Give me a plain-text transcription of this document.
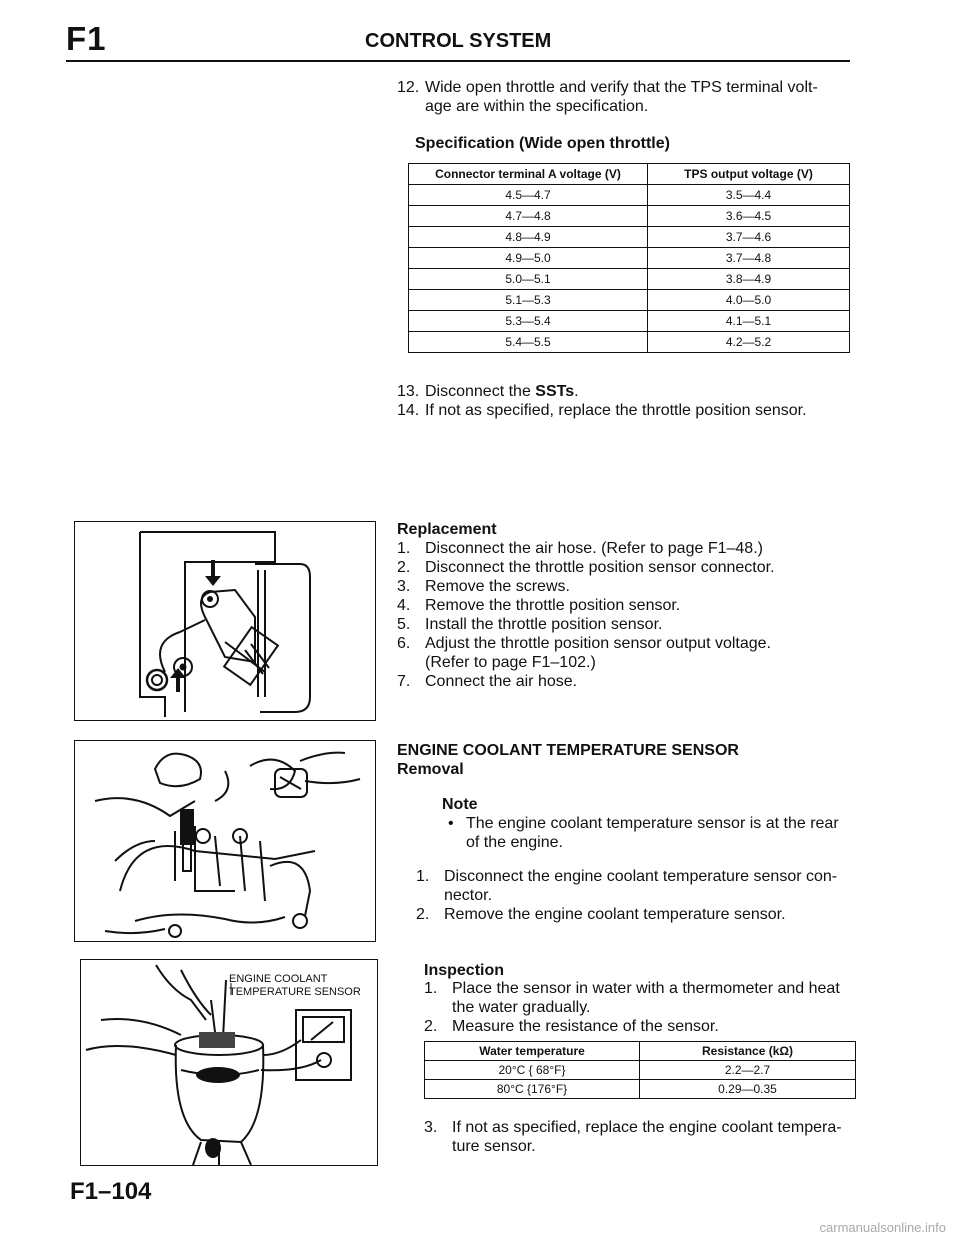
F1	CONTROL SYSTEM
12. Wide open throttle and verify that the TPS terminal volt-
age are within the specification.
Specification (Wide open throttle)
Connector terminal A voltage (V)	TPS output voltage (V)
4.5—4.7	3.5—4.4
4.7—4.8	3.6—4.5
4.8—4.9	3.7—4.6
4.9—5.0	3.7—4.8
5.0—5.1	3.8—4.9
5.1—5.3	4.0—5.0
5.3—5.4	4.1—5.1
5.4—5.5	4.2—5.2
13. Disconnect the SSTs.
14. If not as specified, replace the throttle position sensor.
Replacement
1. Disconnect the air hose. (Refer to page F1–48.)
2. Disconnect the throttle position sensor connector.
3. Remove the screws.
4. Remove the throttle position sensor.
5. Install the throttle position sensor.
6. Adjust the throttle position sensor output voltage.
(Refer to page F1–102.)
7. Connect the air hose.
ENGINE COOLANT TEMPERATURE SENSOR
Removal
Note
• The engine coolant temperature sensor is at the rear
of the engine.
1. Disconnect the engine coolant temperature sensor con-
nector.
2. Remove the engine coolant temperature sensor.
ENGINE COOLANT
TEMPERATURE SENSOR
Inspection
1. Place the sensor in water with a thermometer and heat
the water gradually.
2. Measure the resistance of the sensor.
Water temperature	Resistance (kΩ)
20°C { 68°F}	2.2—2.7
80°C {176°F}	0.29—0.35
3. If not as specified, replace the engine coolant tempera-
ture sensor.
F1–104
carmanualsonline.info
